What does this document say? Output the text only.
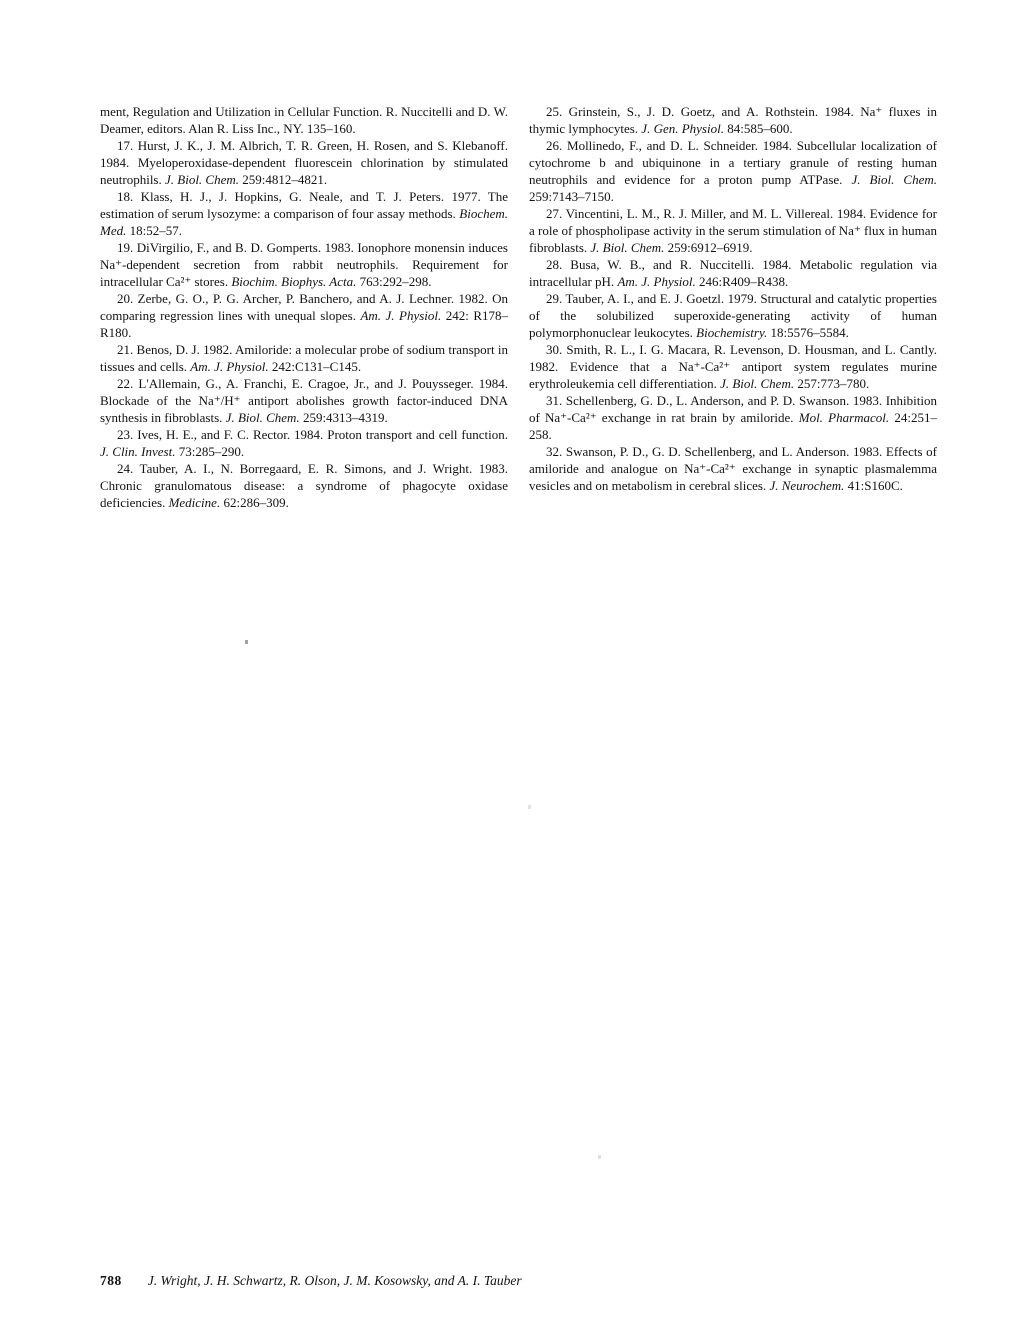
ment, Regulation and Utilization in Cellular Function. R. Nuccitelli and D. W. Deamer, editors. Alan R. Liss Inc., NY. 135–160.

17. Hurst, J. K., J. M. Albrich, T. R. Green, H. Rosen, and S. Klebanoff. 1984. Myeloperoxidase-dependent fluorescein chlorination by stimulated neutrophils. J. Biol. Chem. 259:4812–4821.

18. Klass, H. J., J. Hopkins, G. Neale, and T. J. Peters. 1977. The estimation of serum lysozyme: a comparison of four assay methods. Biochem. Med. 18:52–57.

19. DiVirgilio, F., and B. D. Gomperts. 1983. Ionophore monensin induces Na⁺-dependent secretion from rabbit neutrophils. Requirement for intracellular Ca²⁺ stores. Biochim. Biophys. Acta. 763:292–298.

20. Zerbe, G. O., P. G. Archer, P. Banchero, and A. J. Lechner. 1982. On comparing regression lines with unequal slopes. Am. J. Physiol. 242: R178–R180.

21. Benos, D. J. 1982. Amiloride: a molecular probe of sodium transport in tissues and cells. Am. J. Physiol. 242:C131–C145.

22. L'Allemain, G., A. Franchi, E. Cragoe, Jr., and J. Pouysseger. 1984. Blockade of the Na⁺/H⁺ antiport abolishes growth factor-induced DNA synthesis in fibroblasts. J. Biol. Chem. 259:4313–4319.

23. Ives, H. E., and F. C. Rector. 1984. Proton transport and cell function. J. Clin. Invest. 73:285–290.

24. Tauber, A. I., N. Borregaard, E. R. Simons, and J. Wright. 1983. Chronic granulomatous disease: a syndrome of phagocyte oxidase deficiencies. Medicine. 62:286–309.

25. Grinstein, S., J. D. Goetz, and A. Rothstein. 1984. Na⁺ fluxes in thymic lymphocytes. J. Gen. Physiol. 84:585–600.

26. Mollinedo, F., and D. L. Schneider. 1984. Subcellular localization of cytochrome b and ubiquinone in a tertiary granule of resting human neutrophils and evidence for a proton pump ATPase. J. Biol. Chem. 259:7143–7150.

27. Vincentini, L. M., R. J. Miller, and M. L. Villereal. 1984. Evidence for a role of phospholipase activity in the serum stimulation of Na⁺ flux in human fibroblasts. J. Biol. Chem. 259:6912–6919.

28. Busa, W. B., and R. Nuccitelli. 1984. Metabolic regulation via intracellular pH. Am. J. Physiol. 246:R409–R438.

29. Tauber, A. I., and E. J. Goetzl. 1979. Structural and catalytic properties of the solubilized superoxide-generating activity of human polymorphonuclear leukocytes. Biochemistry. 18:5576–5584.

30. Smith, R. L., I. G. Macara, R. Levenson, D. Housman, and L. Cantly. 1982. Evidence that a Na⁺-Ca²⁺ antiport system regulates murine erythroleukemia cell differentiation. J. Biol. Chem. 257:773–780.

31. Schellenberg, G. D., L. Anderson, and P. D. Swanson. 1983. Inhibition of Na⁺-Ca²⁺ exchange in rat brain by amiloride. Mol. Pharmacol. 24:251–258.

32. Swanson, P. D., G. D. Schellenberg, and L. Anderson. 1983. Effects of amiloride and analogue on Na⁺-Ca²⁺ exchange in synaptic plasmalemma vesicles and on metabolism in cerebral slices. J. Neurochem. 41:S160C.

788 J. Wright, J. H. Schwartz, R. Olson, J. M. Kosowsky, and A. I. Tauber
